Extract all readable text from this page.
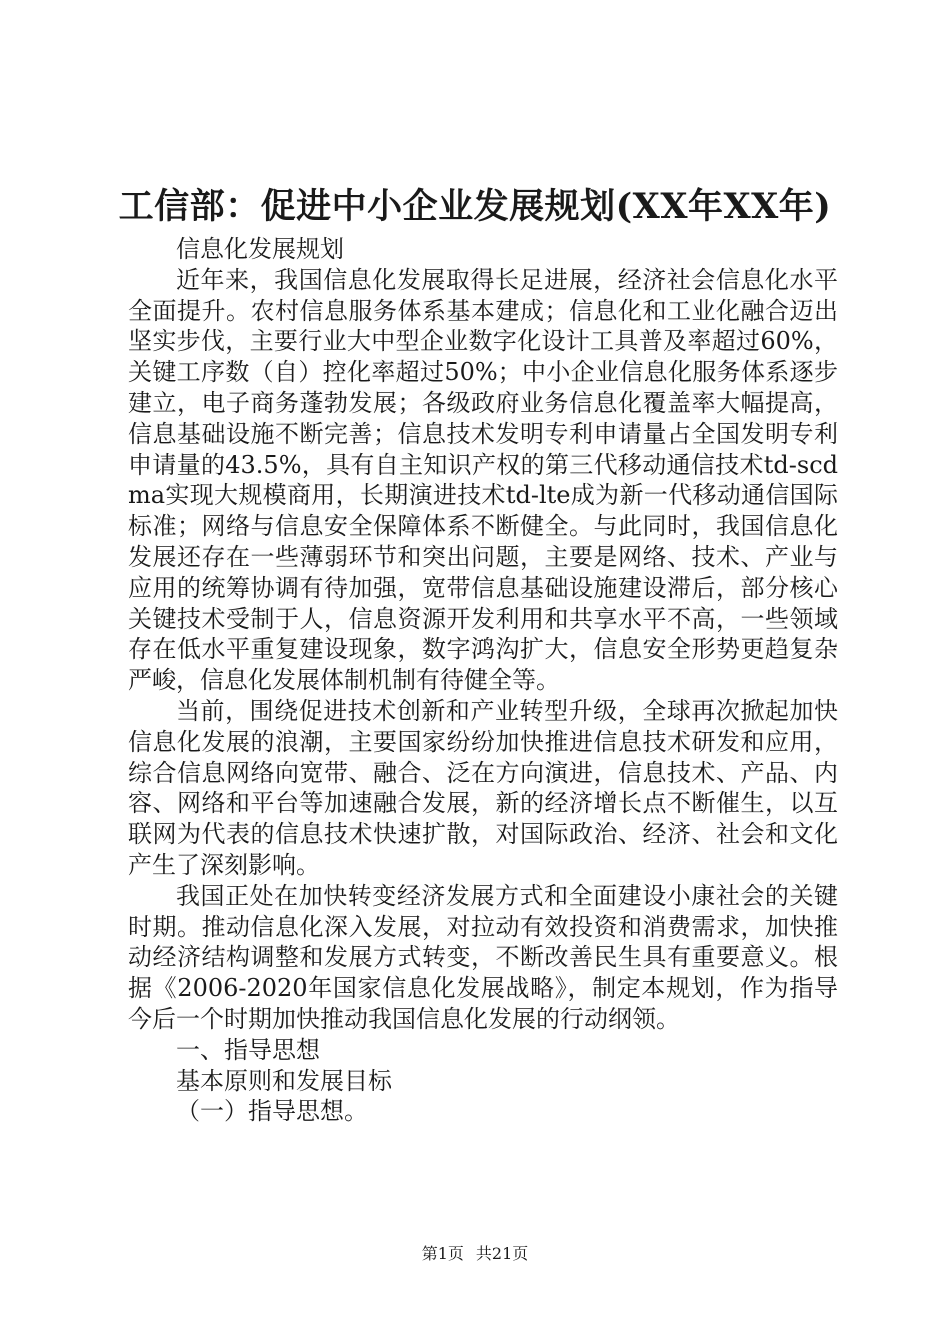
工信部：促进中小企业发展规划(XX年XX年)

信息化发展规划

近年来，我国信息化发展取得长足进展，经济社会信息化水平全面提升。农村信息服务体系基本建成；信息化和工业化融合迈出坚实步伐，主要行业大中型企业数字化设计工具普及率超过60%，关键工序数（自）控化率超过50%；中小企业信息化服务体系逐步建立，电子商务蓬勃发展；各级政府业务信息化覆盖率大幅提高，信息基础设施不断完善；信息技术发明专利申请量占全国发明专利申请量的43.5%，具有自主知识产权的第三代移动通信技术td-scdma实现大规模商用，长期演进技术td-lte成为新一代移动通信国际标准；网络与信息安全保障体系不断健全。与此同时，我国信息化发展还存在一些薄弱环节和突出问题，主要是网络、技术、产业与应用的统筹协调有待加强，宽带信息基础设施建设滞后，部分核心关键技术受制于人，信息资源开发利用和共享水平不高，一些领域存在低水平重复建设现象，数字鸿沟扩大，信息安全形势更趋复杂严峻，信息化发展体制机制有待健全等。

当前，围绕促进技术创新和产业转型升级，全球再次掀起加快信息化发展的浪潮，主要国家纷纷加快推进信息技术研发和应用，综合信息网络向宽带、融合、泛在方向演进，信息技术、产品、内容、网络和平台等加速融合发展，新的经济增长点不断催生，以互联网为代表的信息技术快速扩散，对国际政治、经济、社会和文化产生了深刻影响。

我国正处在加快转变经济发展方式和全面建设小康社会的关键时期。推动信息化深入发展，对拉动有效投资和消费需求，加快推动经济结构调整和发展方式转变，不断改善民生具有重要意义。根据《2006-2020年国家信息化发展战略》，制定本规划，作为指导今后一个时期加快推动我国信息化发展的行动纲领。

一、指导思想

基本原则和发展目标

（一）指导思想。

第1页 共21页
